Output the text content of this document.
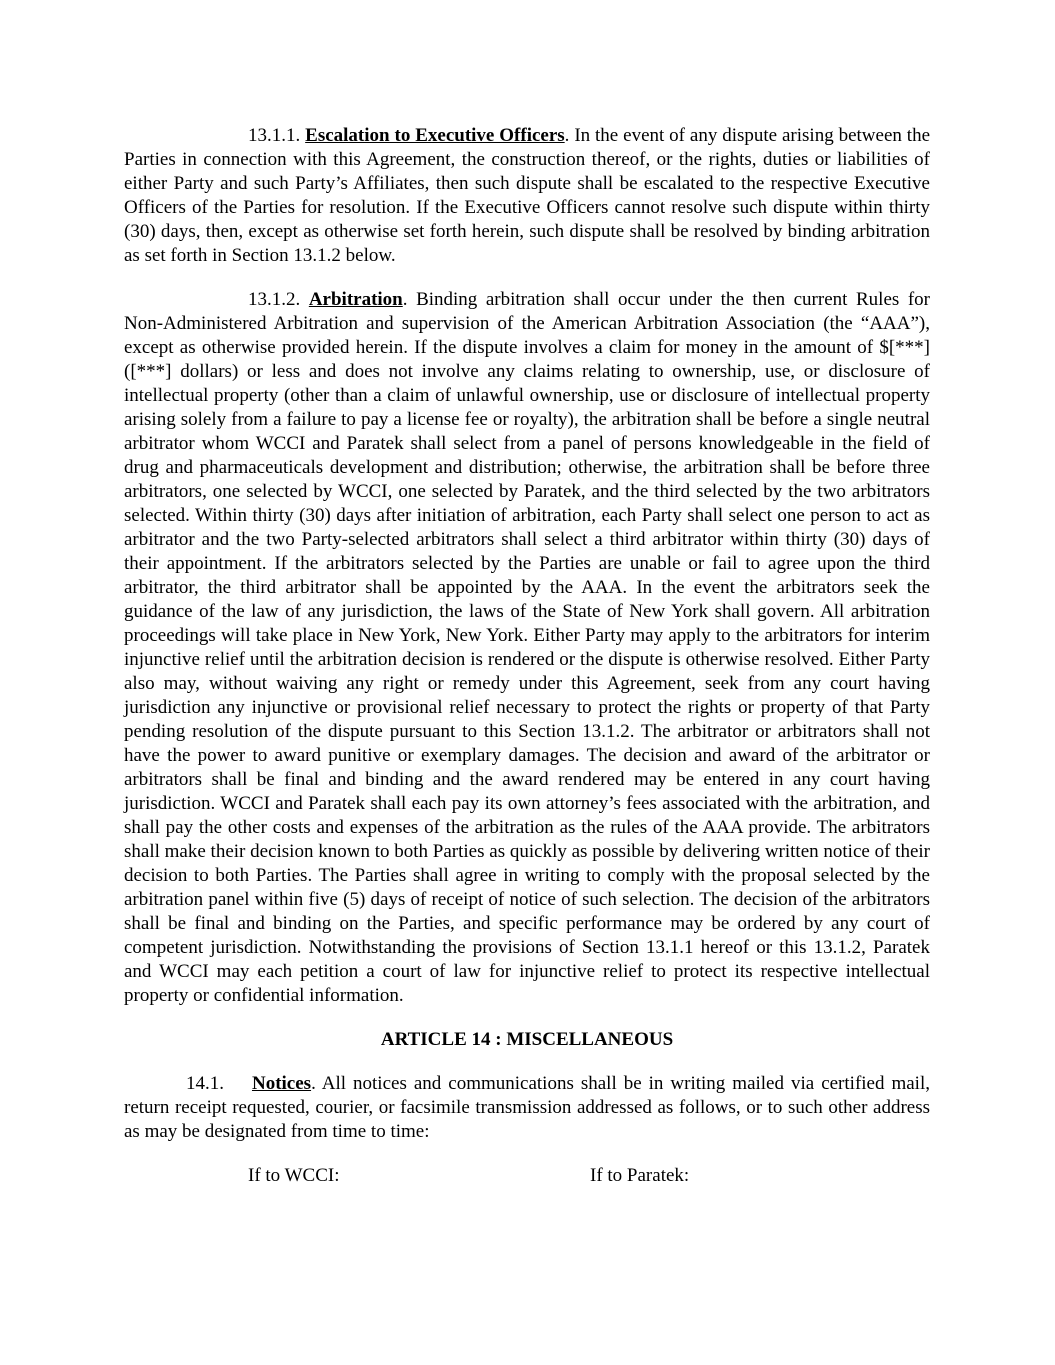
13.1.1. Escalation to Executive Officers. In the event of any dispute arising between the Parties in connection with this Agreement, the construction thereof, or the rights, duties or liabilities of either Party and such Party’s Affiliates, then such dispute shall be escalated to the respective Executive Officers of the Parties for resolution. If the Executive Officers cannot resolve such dispute within thirty (30) days, then, except as otherwise set forth herein, such dispute shall be resolved by binding arbitration as set forth in Section 13.1.2 below.

13.1.2. Arbitration. Binding arbitration shall occur under the then current Rules for Non-Administered Arbitration and supervision of the American Arbitration Association (the “AAA”), except as otherwise provided herein. If the dispute involves a claim for money in the amount of $[***] ([***] dollars) or less and does not involve any claims relating to ownership, use, or disclosure of intellectual property (other than a claim of unlawful ownership, use or disclosure of intellectual property arising solely from a failure to pay a license fee or royalty), the arbitration shall be before a single neutral arbitrator whom WCCI and Paratek shall select from a panel of persons knowledgeable in the field of drug and pharmaceuticals development and distribution; otherwise, the arbitration shall be before three arbitrators, one selected by WCCI, one selected by Paratek, and the third selected by the two arbitrators selected. Within thirty (30) days after initiation of arbitration, each Party shall select one person to act as arbitrator and the two Party-selected arbitrators shall select a third arbitrator within thirty (30) days of their appointment. If the arbitrators selected by the Parties are unable or fail to agree upon the third arbitrator, the third arbitrator shall be appointed by the AAA. In the event the arbitrators seek the guidance of the law of any jurisdiction, the laws of the State of New York shall govern. All arbitration proceedings will take place in New York, New York. Either Party may apply to the arbitrators for interim injunctive relief until the arbitration decision is rendered or the dispute is otherwise resolved. Either Party also may, without waiving any right or remedy under this Agreement, seek from any court having jurisdiction any injunctive or provisional relief necessary to protect the rights or property of that Party pending resolution of the dispute pursuant to this Section 13.1.2. The arbitrator or arbitrators shall not have the power to award punitive or exemplary damages. The decision and award of the arbitrator or arbitrators shall be final and binding and the award rendered may be entered in any court having jurisdiction. WCCI and Paratek shall each pay its own attorney’s fees associated with the arbitration, and shall pay the other costs and expenses of the arbitration as the rules of the AAA provide. The arbitrators shall make their decision known to both Parties as quickly as possible by delivering written notice of their decision to both Parties. The Parties shall agree in writing to comply with the proposal selected by the arbitration panel within five (5) days of receipt of notice of such selection. The decision of the arbitrators shall be final and binding on the Parties, and specific performance may be ordered by any court of competent jurisdiction. Notwithstanding the provisions of Section 13.1.1 hereof or this 13.1.2, Paratek and WCCI may each petition a court of law for injunctive relief to protect its respective intellectual property or confidential information.

ARTICLE 14 : MISCELLANEOUS

14.1. Notices. All notices and communications shall be in writing mailed via certified mail, return receipt requested, courier, or facsimile transmission addressed as follows, or to such other address as may be designated from time to time:

If to WCCI:	If to Paratek:
